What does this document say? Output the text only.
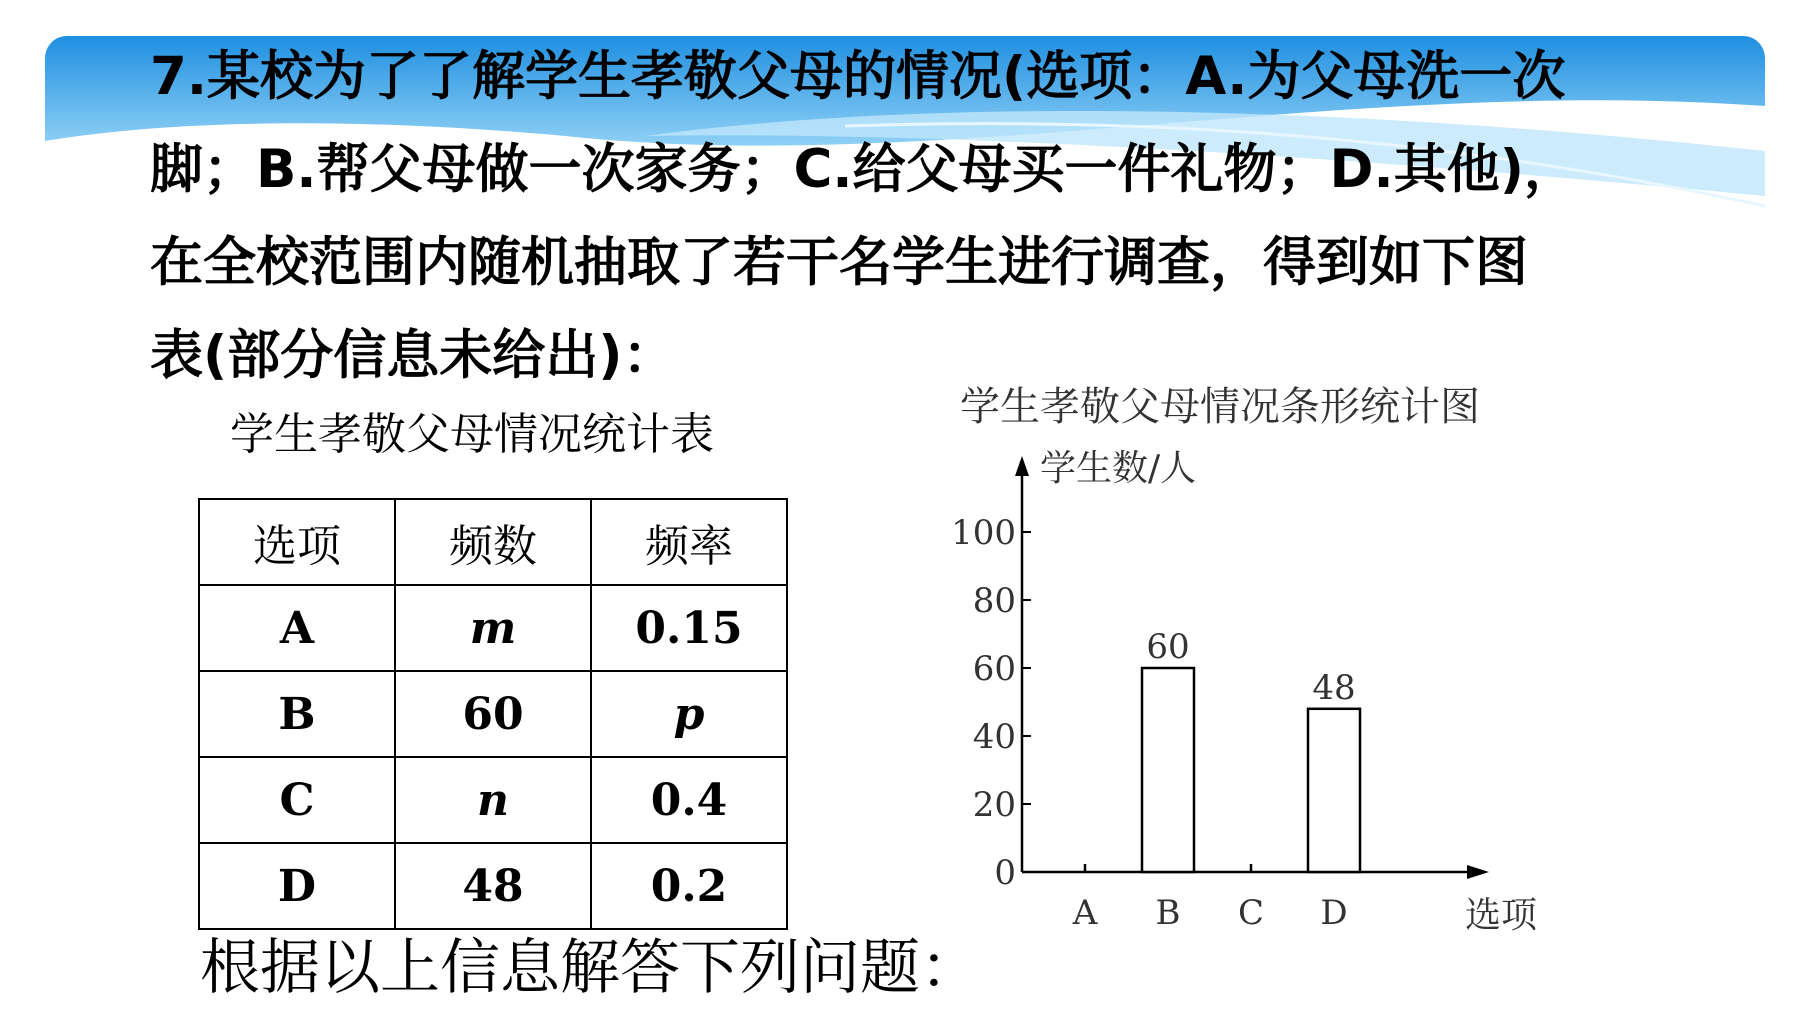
7.某校为了了解学生孝敬父母的情况(选项：A.为父母洗一次

脚；B.帮父母做一次家务；C.给父母买一件礼物；D.其他)，

在全校范围内随机抽取了若干名学生进行调查，得到如下图

表(部分信息未给出)：

学生孝敬父母情况统计表
选项	频数	频率
A	m	0.15
B	60	p
C	n	0.4
D	48	0.2
学生孝敬父母情况条形统计图
学生数/人
选项
0
20
40
60
80
100
A
60
B C
48
D
根据以上信息解答下列问题：
